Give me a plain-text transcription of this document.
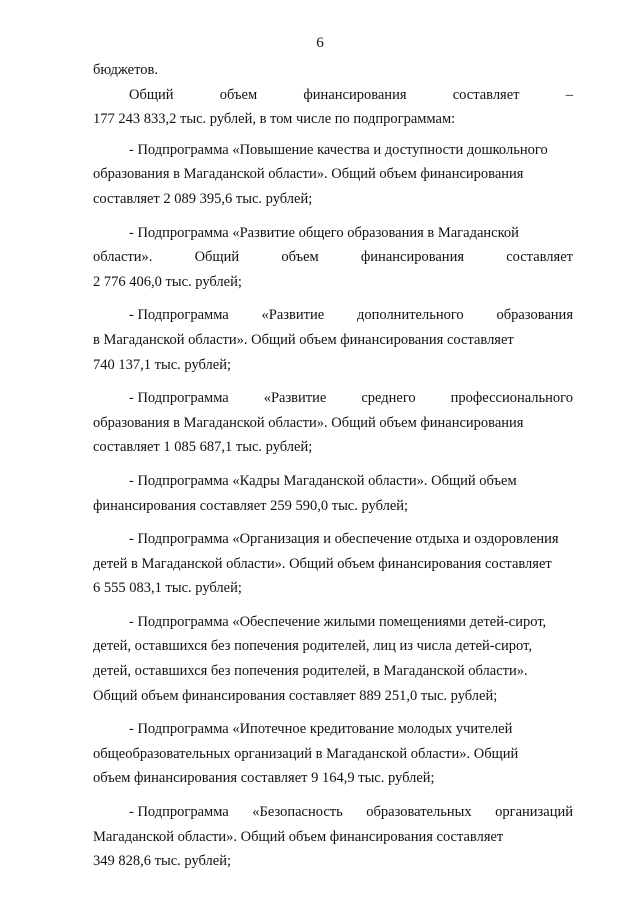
6
бюджетов.
Общий	объем	финансирования	составляет	–
177 243 833,2 тыс. рублей, в том числе по подпрограммам:
- Подпрограмма «Повышение качества и доступности дошкольного
образования в Магаданской области». Общий объем финансирования
составляет 2 089 395,6 тыс. рублей;
- Подпрограмма «Развитие общего образования в Магаданской
области».	Общий	объем	финансирования	составляет
2 776 406,0 тыс. рублей;
- Подпрограмма «Развитие дополнительного образования
в Магаданской области». Общий объем финансирования составляет
740 137,1 тыс. рублей;
- Подпрограмма «Развитие среднего профессионального
образования в Магаданской области». Общий объем финансирования
составляет 1 085 687,1 тыс. рублей;
- Подпрограмма «Кадры Магаданской области». Общий объем
финансирования составляет 259 590,0 тыс. рублей;
- Подпрограмма «Организация и обеспечение отдыха и оздоровления
детей в Магаданской области». Общий объем финансирования составляет
6 555 083,1 тыс. рублей;
- Подпрограмма «Обеспечение жилыми помещениями детей-сирот,
детей, оставшихся без попечения родителей, лиц из числа детей-сирот,
детей, оставшихся без попечения родителей, в Магаданской области».
Общий объем финансирования составляет 889 251,0 тыс. рублей;
- Подпрограмма «Ипотечное кредитование молодых учителей
общеобразовательных организаций в Магаданской области». Общий
объем финансирования составляет 9 164,9 тыс. рублей;
- Подпрограмма «Безопасность образовательных организаций
Магаданской области». Общий объем финансирования составляет
349 828,6 тыс. рублей;
